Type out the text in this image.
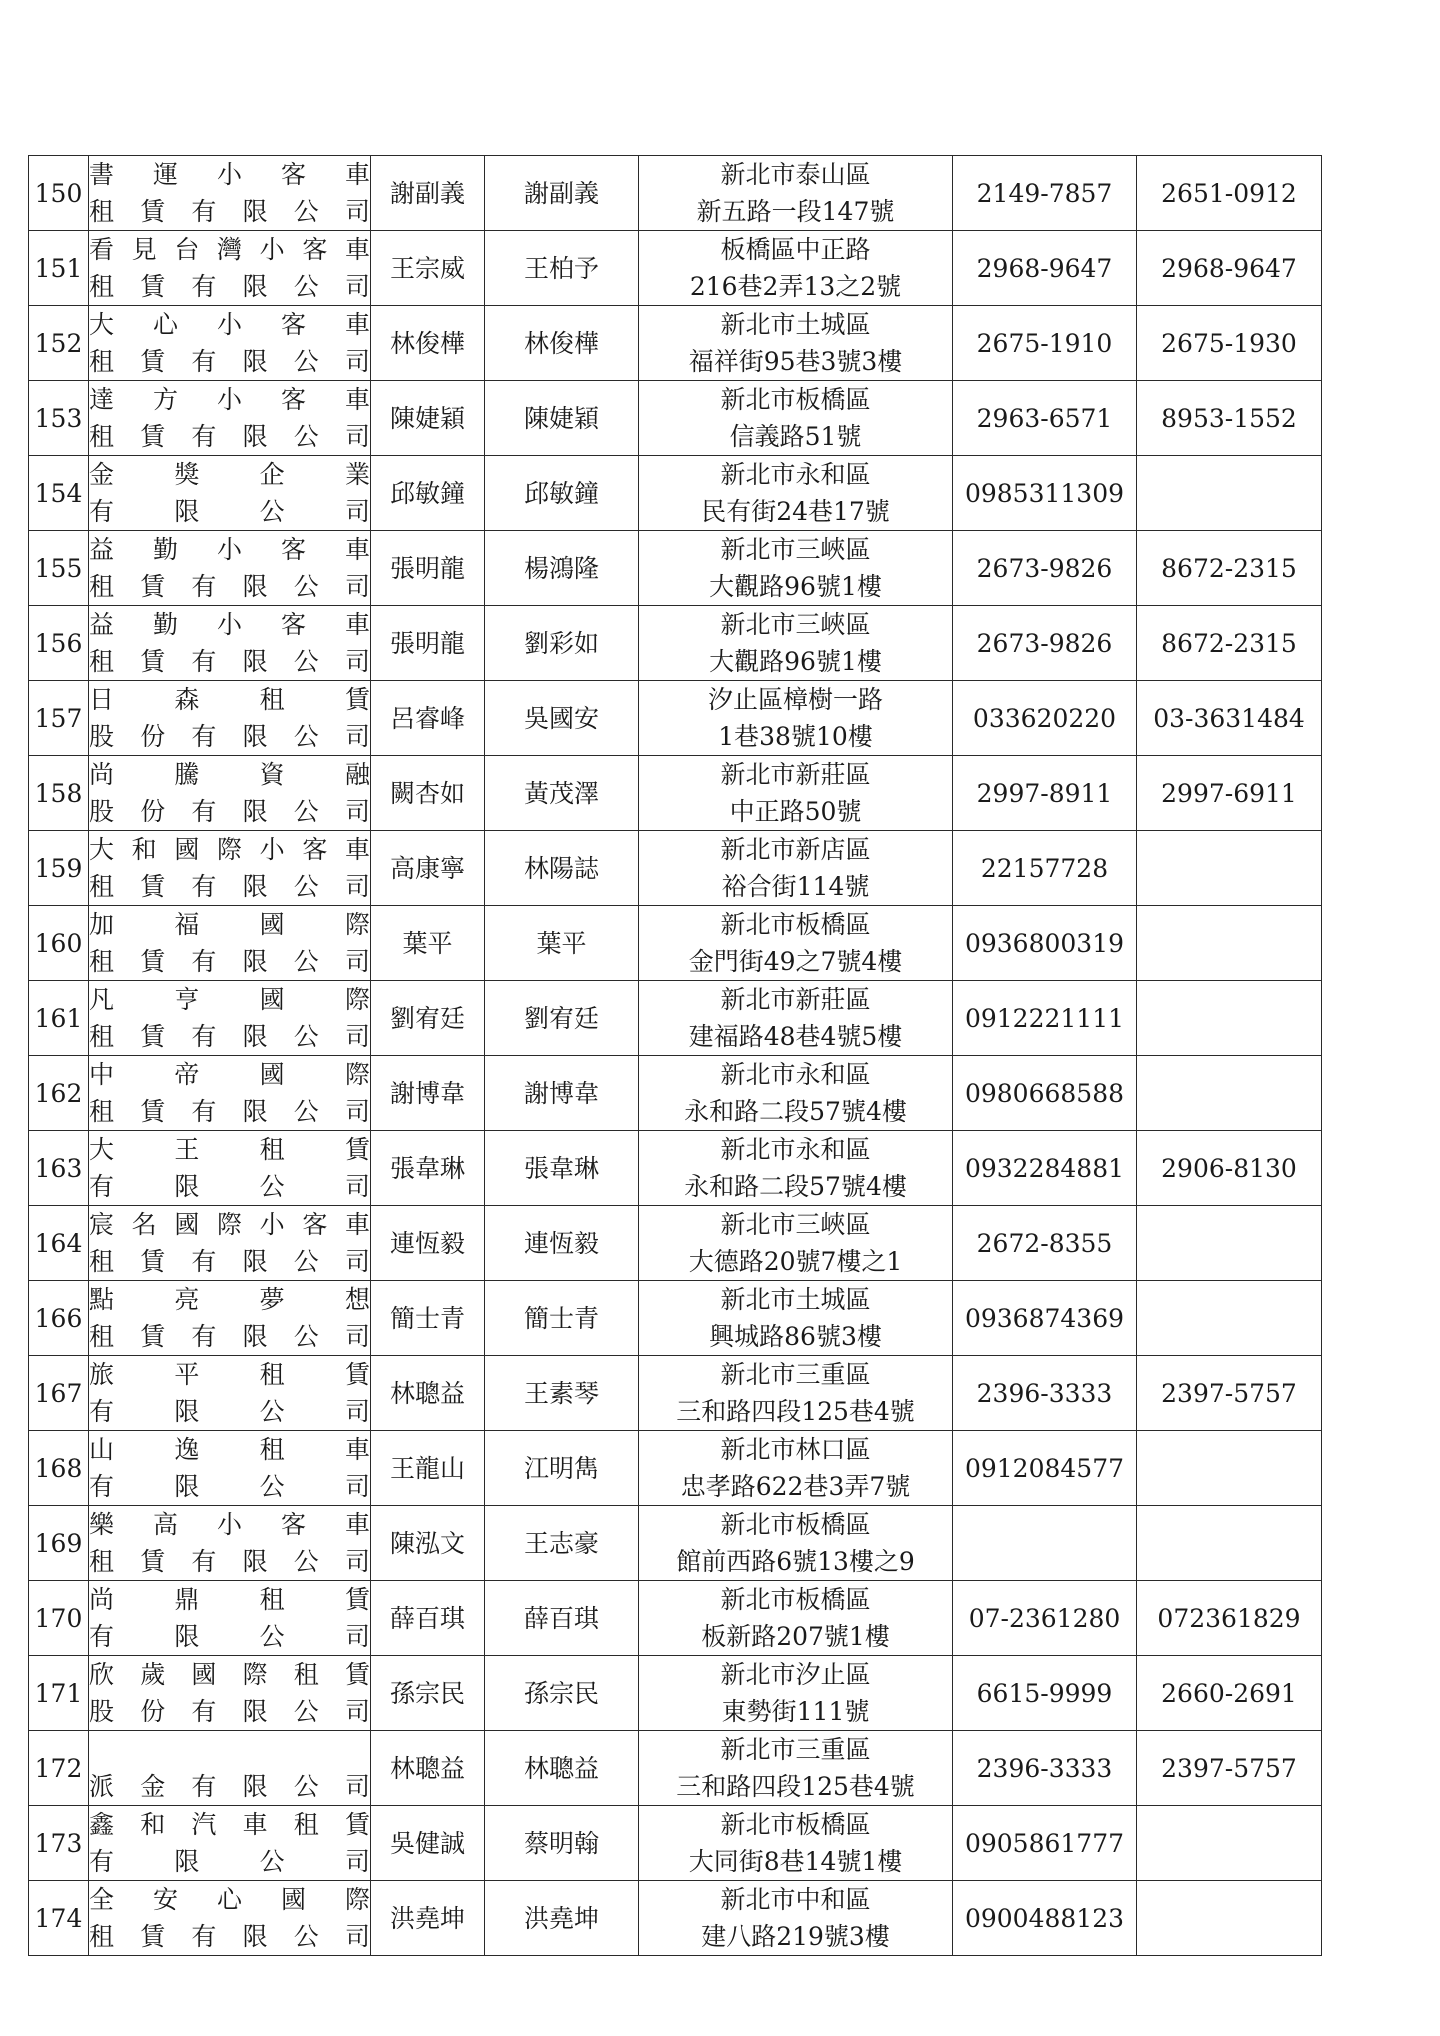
150	書　運　小　客　車
租　賃　有　限　公　司	謝副義	謝副義	新北市泰山區
新五路一段147號	2149-7857	2651-0912

151	看見台灣小客車
租　賃　有　限　公　司	王宗威	王柏予	板橋區中正路
216巷2弄13之2號	2968-9647	2968-9647

152	大　心　小　客　車
租　賃　有　限　公　司	林俊樺	林俊樺	新北市土城區
福祥街95巷3號3樓	2675-1910	2675-1930

153	達　方　小　客　車
租　賃　有　限　公　司	陳婕穎	陳婕穎	新北市板橋區
信義路51號	2963-6571	8953-1552

154	金　獎　企　業
有　限　公　司	邱敏鐘	邱敏鐘	新北市永和區
民有街24巷17號	0985311309	

155	益　勤　小　客　車
租　賃　有　限　公　司	張明龍	楊鴻隆	新北市三峽區
大觀路96號1樓	2673-9826	8672-2315

156	益　勤　小　客　車
租　賃　有　限　公　司	張明龍	劉彩如	新北市三峽區
大觀路96號1樓	2673-9826	8672-2315

157	日　森　租　賃
股　份　有　限　公　司	呂睿峰	吳國安	汐止區樟樹一路
1巷38號10樓	033620220	03-3631484

158	尚　騰　資　融
股　份　有　限　公　司	闕杏如	黃茂澤	新北市新莊區
中正路50號	2997-8911	2997-6911

159	大和國際小客車
租　賃　有　限　公　司	高康寧	林陽誌	新北市新店區
裕合街114號	22157728	

160	加　福　國　際
租　賃　有　限　公　司	葉平	葉平	新北市板橋區
金門街49之7號4樓	0936800319	

161	凡　亨　國　際
租　賃　有　限　公　司	劉宥廷	劉宥廷	新北市新莊區
建福路48巷4號5樓	0912221111	

162	中　帝　國　際
租　賃　有　限　公　司	謝博韋	謝博韋	新北市永和區
永和路二段57號4樓	0980668588	

163	大　王　租　賃
有　限　公　司	張韋琳	張韋琳	新北市永和區
永和路二段57號4樓	0932284881	2906-8130

164	宸名國際小客車
租　賃　有　限　公　司	連恆毅	連恆毅	新北市三峽區
大德路20號7樓之1	2672-8355	

166	點　亮　夢　想
租　賃　有　限　公　司	簡士青	簡士青	新北市土城區
興城路86號3樓	0936874369	

167	旅　平　租　賃
有　限　公　司	林聰益	王素琴	新北市三重區
三和路四段125巷4號	2396-3333	2397-5757

168	山　逸　租　車
有　限　公　司	王龍山	江明雋	新北市林口區
忠孝路622巷3弄7號	0912084577	

169	樂　高　小　客　車
租　賃　有　限　公　司	陳泓文	王志豪	新北市板橋區
館前西路6號13樓之9		

170	尚　鼎　租　賃
有　限　公　司	薛百琪	薛百琪	新北市板橋區
板新路207號1樓	07-2361280	072361829

171	欣歲國際租賃
股　份　有　限　公　司	孫宗民	孫宗民	新北市汐止區
東勢街111號	6615-9999	2660-2691

172	派　金　有　限　公　司	林聰益	林聰益	新北市三重區
三和路四段125巷4號	2396-3333	2397-5757

173	鑫　和　汽　車　租　賃
有　限　公　司	吳健誠	蔡明翰	新北市板橋區
大同街8巷14號1樓	0905861777	

174	全　安　心　國　際
租　賃　有　限　公　司	洪堯坤	洪堯坤	新北市中和區
建八路219號3樓	0900488123	
